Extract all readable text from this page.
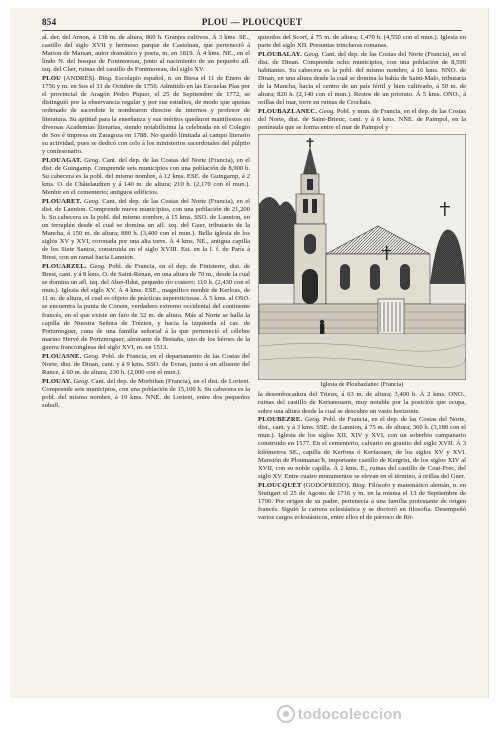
854	PLOU — PLOUCQUET

al. der. del Arnon, á 138 m. de altura, 860 h. Granjes cultivos. Á 3 kms. SE., castillo del siglo XVII y hermoso parque de Castelnau, que perteneció á Marion de Marsan, autor dramático y poeta, m. en 1819. Á 4 kms. NE., en el lindo N. del bosque de Fontmoreau, junto al nacimiento de un pequeño afl. izq. del Cher, ruinas del castillo de Fontmoreau, del siglo XV.

PLOU (ANDRÉS). Biog. Escolapio español, n. en Biesa el 11 de Enero de 1756 y m. en Sos el 31 de Octubre de 1750. Admitido en las Escuelas Pías por el provincial de Aragón Pedro Piquer, el 25 de Septiembre de 1772, se distinguió por la observancia regular y por sus estudios, de modo que apenas ordenado de sacerdote le nombraron director de internos y profesor de literatura. Su aptitud para la enseñanza y sus méritos quedaron manifiestos en diversas Academias literarias, siendo notabilísima la celebrada en el Colegio de Sos é impresa en Zaragoza en 1788. No quedó limitada al campo literario su actividad, pues se dedicó con celo á los ministerios sacerdotales del púlpito y confesonario.

PLOUAGAT. Geog. Cant. del dep. de las Costas del Norte (Francia), en el dist. de Guingamp. Comprende seis municipios con una población de 8,900 h. Su cabecera es la pobl. del mismo nombre, á 12 kms. ESE. de Guingamp, á 2 kms. O. de Châtelaudren y á 140 m. de altura; 210 h. (2,170 con el mun.). Menhir en el cementerio; antiguos edificios.

PLOUARET. Geog. Cant. del dep. de las Costas del Norte (Francia), en el dist. de Lannion. Comprende nueve municipios, con una población de 21,200 h. Su cabecera es la pobl. del mismo nombre, á 15 kms. SSO. de Lannion, en un terraplén desde el cual se domina un afl. izq. del Guer, tributario de la Mancha, á 150 m. de altura; 880 h. (3,400 con el mun.). Bella iglesia de los siglos XV y XVI, coronada por una alta torre. Á 4 kms. NE., antigua capilla de los Siete Santos, construida en el siglo XVIII. Est. en la l. f. de París á Brest, con un ramal hacia Lannion.

PLOUARZEL. Geog. Pobl. de Francia, en el dep. de Finisterre, dist. de Brest, cant. y á 8 kms. O. de Saint-Renan, en una altura de 70 m., desde la cual se domina un afl. izq. del Aber-Ildut, pequeño río costero; 110 h. (2,430 con el mun.). Iglesia del siglo XV. Á 4 kms. ESE., magnífico menhir de Kerloas, de 11 m. de altura, el cual es objeto de prácticas supersticiosas. Á 5 kms. al OSO. se encuentra la punta de Corsen, verdadero extremo occidental del continente francés, en el que existe un faro de 32 m. de altura. Más al Norte se halla la capilla de Nuestra Señora de Trézien, y hacia la izquierda el cas. de Portzmoguer, cuna de una familia señorial á la que perteneció el célebre marino Hervé de Portzmoguer, almirante de Bretaña, uno de los héroes de la guerra francoinglesa del siglo XVI, m. en 1513.

PLOUASNE. Geog. Pobl. de Francia, en el departamento de las Costas del Norte, dist. de Dinan, cant. y á 9 kms. SSO. de Evran, junto á un afluente del Rance, á 60 m. de altura; 230 h. (2,000 con el mun.).

PLOUAY. Geog. Cant. del dep. de Morbihan (Francia), en el dist. de Lorient. Comprende seis municipios, con una población de 15,100 h. Su cabecera es la pobl. del mismo nombre, á 19 kms. NNE. de Lorient, entre dos pequeños subafl.

quierdos del Scorf, á 75 m. de altura; 1,470 h. (4,550 con el mun.). Iglesia en parte del siglo XII. Presuntas trincheras romanas.

PLOUBALAY. Geog. Cant. del dep. de las Costas del Norte (Francia), en el dist. de Dinan. Comprende ocho municipios, con una población de 8,590 habitantes. Su cabecera es la pobl. del mismo nombre, á 16 kms. NNO. de Dinan, en una altura desde la cual se domina la bahía de Saint-Malo, tributaria de la Mancha, hacia el centro de un país fértil y bien cultivado, á 50 m. de altura; 820 h. (2,140 con el mun.). Restos de un priorato. Á 5 kms. ONO., á orillas del mar, torre en ruinas de Crochais.

PLOUBAZLANEC. Geog. Pobl. y mun. de Francia, en el dep. de las Costas del Norte, dist. de Saint-Brieuc, cant. y á 6 kms. NNE. de Paimpol, en la península que se forma entre el mar de Paimpol y

Iglesia de Ploubazlanec (Francia)

la desembocadura del Trieux, á 63 m. de altura; 3,400 h. Á 2 kms. ONO., ruinas del castillo de Kertanouarn, muy notable por la posición que ocupa, sobre una altura desde la cual se descubre un vasto horizonte.

PLOUBEZRE. Geog. Pobl. de Francia, en el dep. de las Costas del Norte, dist., cant. y á 3 kms. SSE. de Lannion, á 75 m. de altura; 360 h. (3,180 con el mun.). Iglesia de los siglos XII, XIV y XVI, con un soberbio campanario construido en 1577. En el cementerio, calvario en granito del siglo XVII. Á 3 kilómetros SE., capilla de Kerfons ó Kerfaouen, de los siglos XV y XVI. Mansión de Ploumanac'h, importante castillo de Kergrist, de los siglos XIV al XVII, con su noble capilla. Á 2 kms. E., ruinas del castillo de Coat-Frec, del siglo XV. Entre cuatro monumentos se elevan en el término, á orillas del Guer.

PLOUCQUET (GODOFREDO). Biog. Filósofo y matemático alemán, n. en Stuttgart el 25 de Agosto de 1716 y m. en la misma el 13 de Septiembre de 1790. Por origen de su padre, pertenecía á una familia protestante de origen francés. Siguió la carrera eclesiástica y se doctoró en filosofía. Desempeñó varios cargos eclesiásticos, entre ellos el de párroco de Rö-

todocoleccion
